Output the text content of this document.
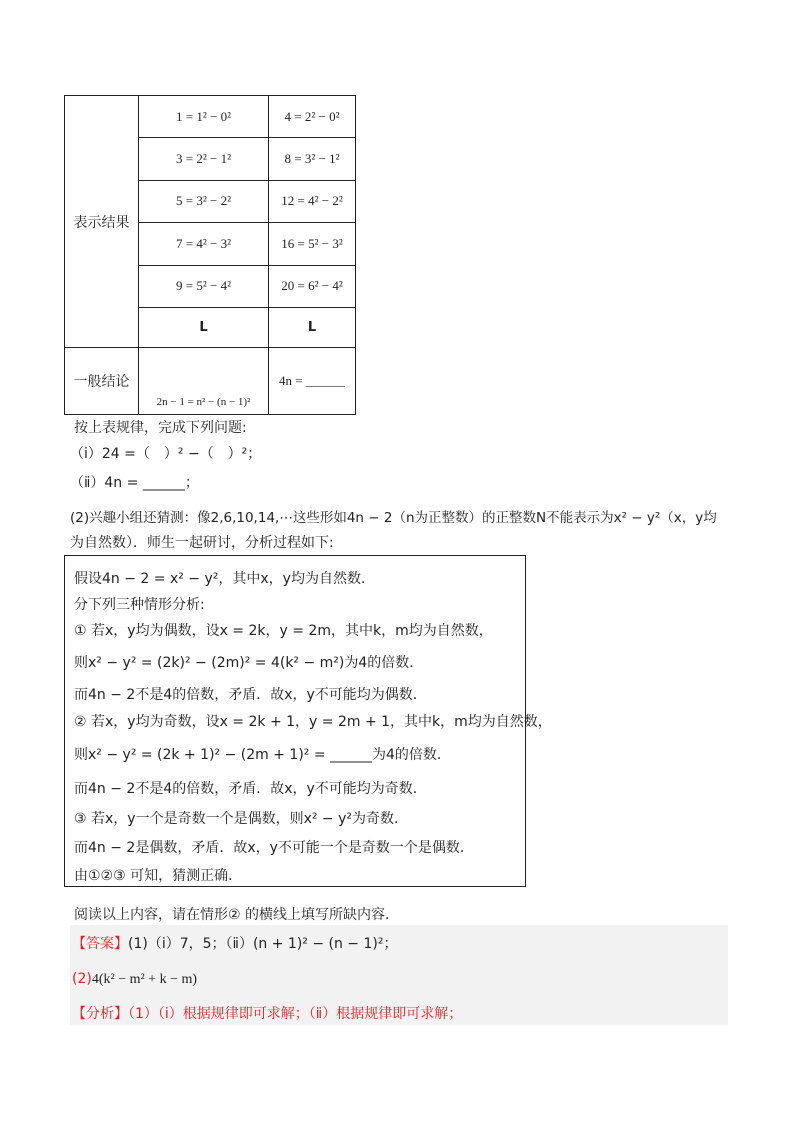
表示结果	1 = 1² − 0²	4 = 2² − 0²
	3 = 2² − 1²	8 = 3² − 1²
	5 = 3² − 2²	12 = 4² − 2²
	7 = 4² − 3²	16 = 5² − 3²
	9 = 5² − 4²	20 = 6² − 4²
	L	L
一般结论	2n − 1 = n² − (n − 1)²	4n = ______
按上表规律，完成下列问题:
（ⅰ）24 =（　）² −（　）²；
（ⅱ）4n = ______；
(2)兴趣小组还猜测：像2,6,10,14,⋯这些形如4n − 2（n为正整数）的正整数N不能表示为x² − y²（x，y均
为自然数）．师生一起研讨，分析过程如下:
假设4n − 2 = x² − y²，其中x，y均为自然数．
分下列三种情形分析:
① 若x，y均为偶数，设x = 2k，y = 2m，其中k，m均为自然数，
则x² − y² = (2k)² − (2m)² = 4(k² − m²)为4的倍数．
而4n − 2不是4的倍数，矛盾．故x，y不可能均为偶数．
② 若x，y均为奇数，设x = 2k + 1，y = 2m + 1，其中k，m均为自然数，
则x² − y² = (2k + 1)² − (2m + 1)² = ______为4的倍数．
而4n − 2不是4的倍数，矛盾．故x，y不可能均为奇数．
③ 若x，y一个是奇数一个是偶数，则x² − y²为奇数．
而4n − 2是偶数，矛盾．故x，y不可能一个是奇数一个是偶数．
由①②③ 可知，猜测正确．
阅读以上内容，请在情形② 的横线上填写所缺内容．
【答案】(1)（ⅰ）7，5；（ⅱ）(n + 1)² − (n − 1)²；
(2)4(k² − m² + k − m)
【分析】（1）（ⅰ）根据规律即可求解；（ⅱ）根据规律即可求解；
